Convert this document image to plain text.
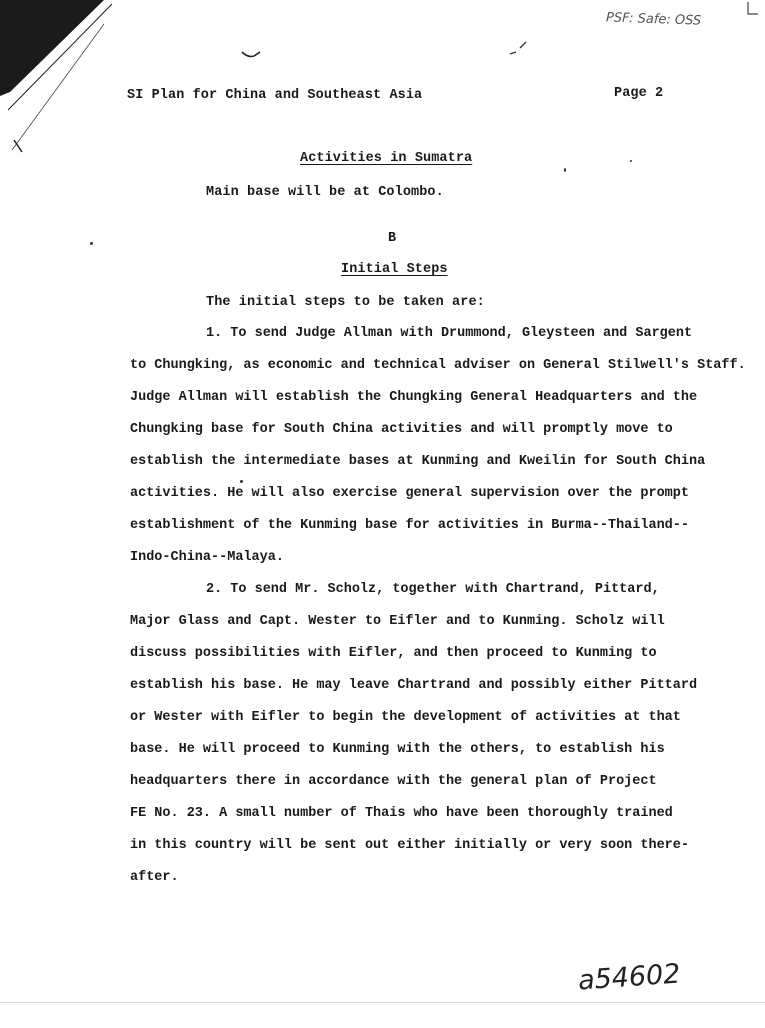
PSF: Safe: OSS
SI Plan for China and Southeast Asia	Page 2
Activities in Sumatra
Main base will be at Colombo.
B
Initial Steps
The initial steps to be taken are:
1. To send Judge Allman with Drummond, Gleysteen and Sargent
to Chungking, as economic and technical adviser on General Stilwell's Staff.
Judge Allman will establish the Chungking General Headquarters and the
Chungking base for South China activities and will promptly move to
establish the intermediate bases at Kunming and Kweilin for South China
activities. He will also exercise general supervision over the prompt
establishment of the Kunming base for activities in Burma--Thailand--
Indo-China--Malaya.
2. To send Mr. Scholz, together with Chartrand, Pittard,
Major Glass and Capt. Wester to Eifler and to Kunming. Scholz will
discuss possibilities with Eifler, and then proceed to Kunming to
establish his base. He may leave Chartrand and possibly either Pittard
or Wester with Eifler to begin the development of activities at that
base. He will proceed to Kunming with the others, to establish his
headquarters there in accordance with the general plan of Project
FE No. 23. A small number of Thais who have been thoroughly trained
in this country will be sent out either initially or very soon there-
after.
a54602
